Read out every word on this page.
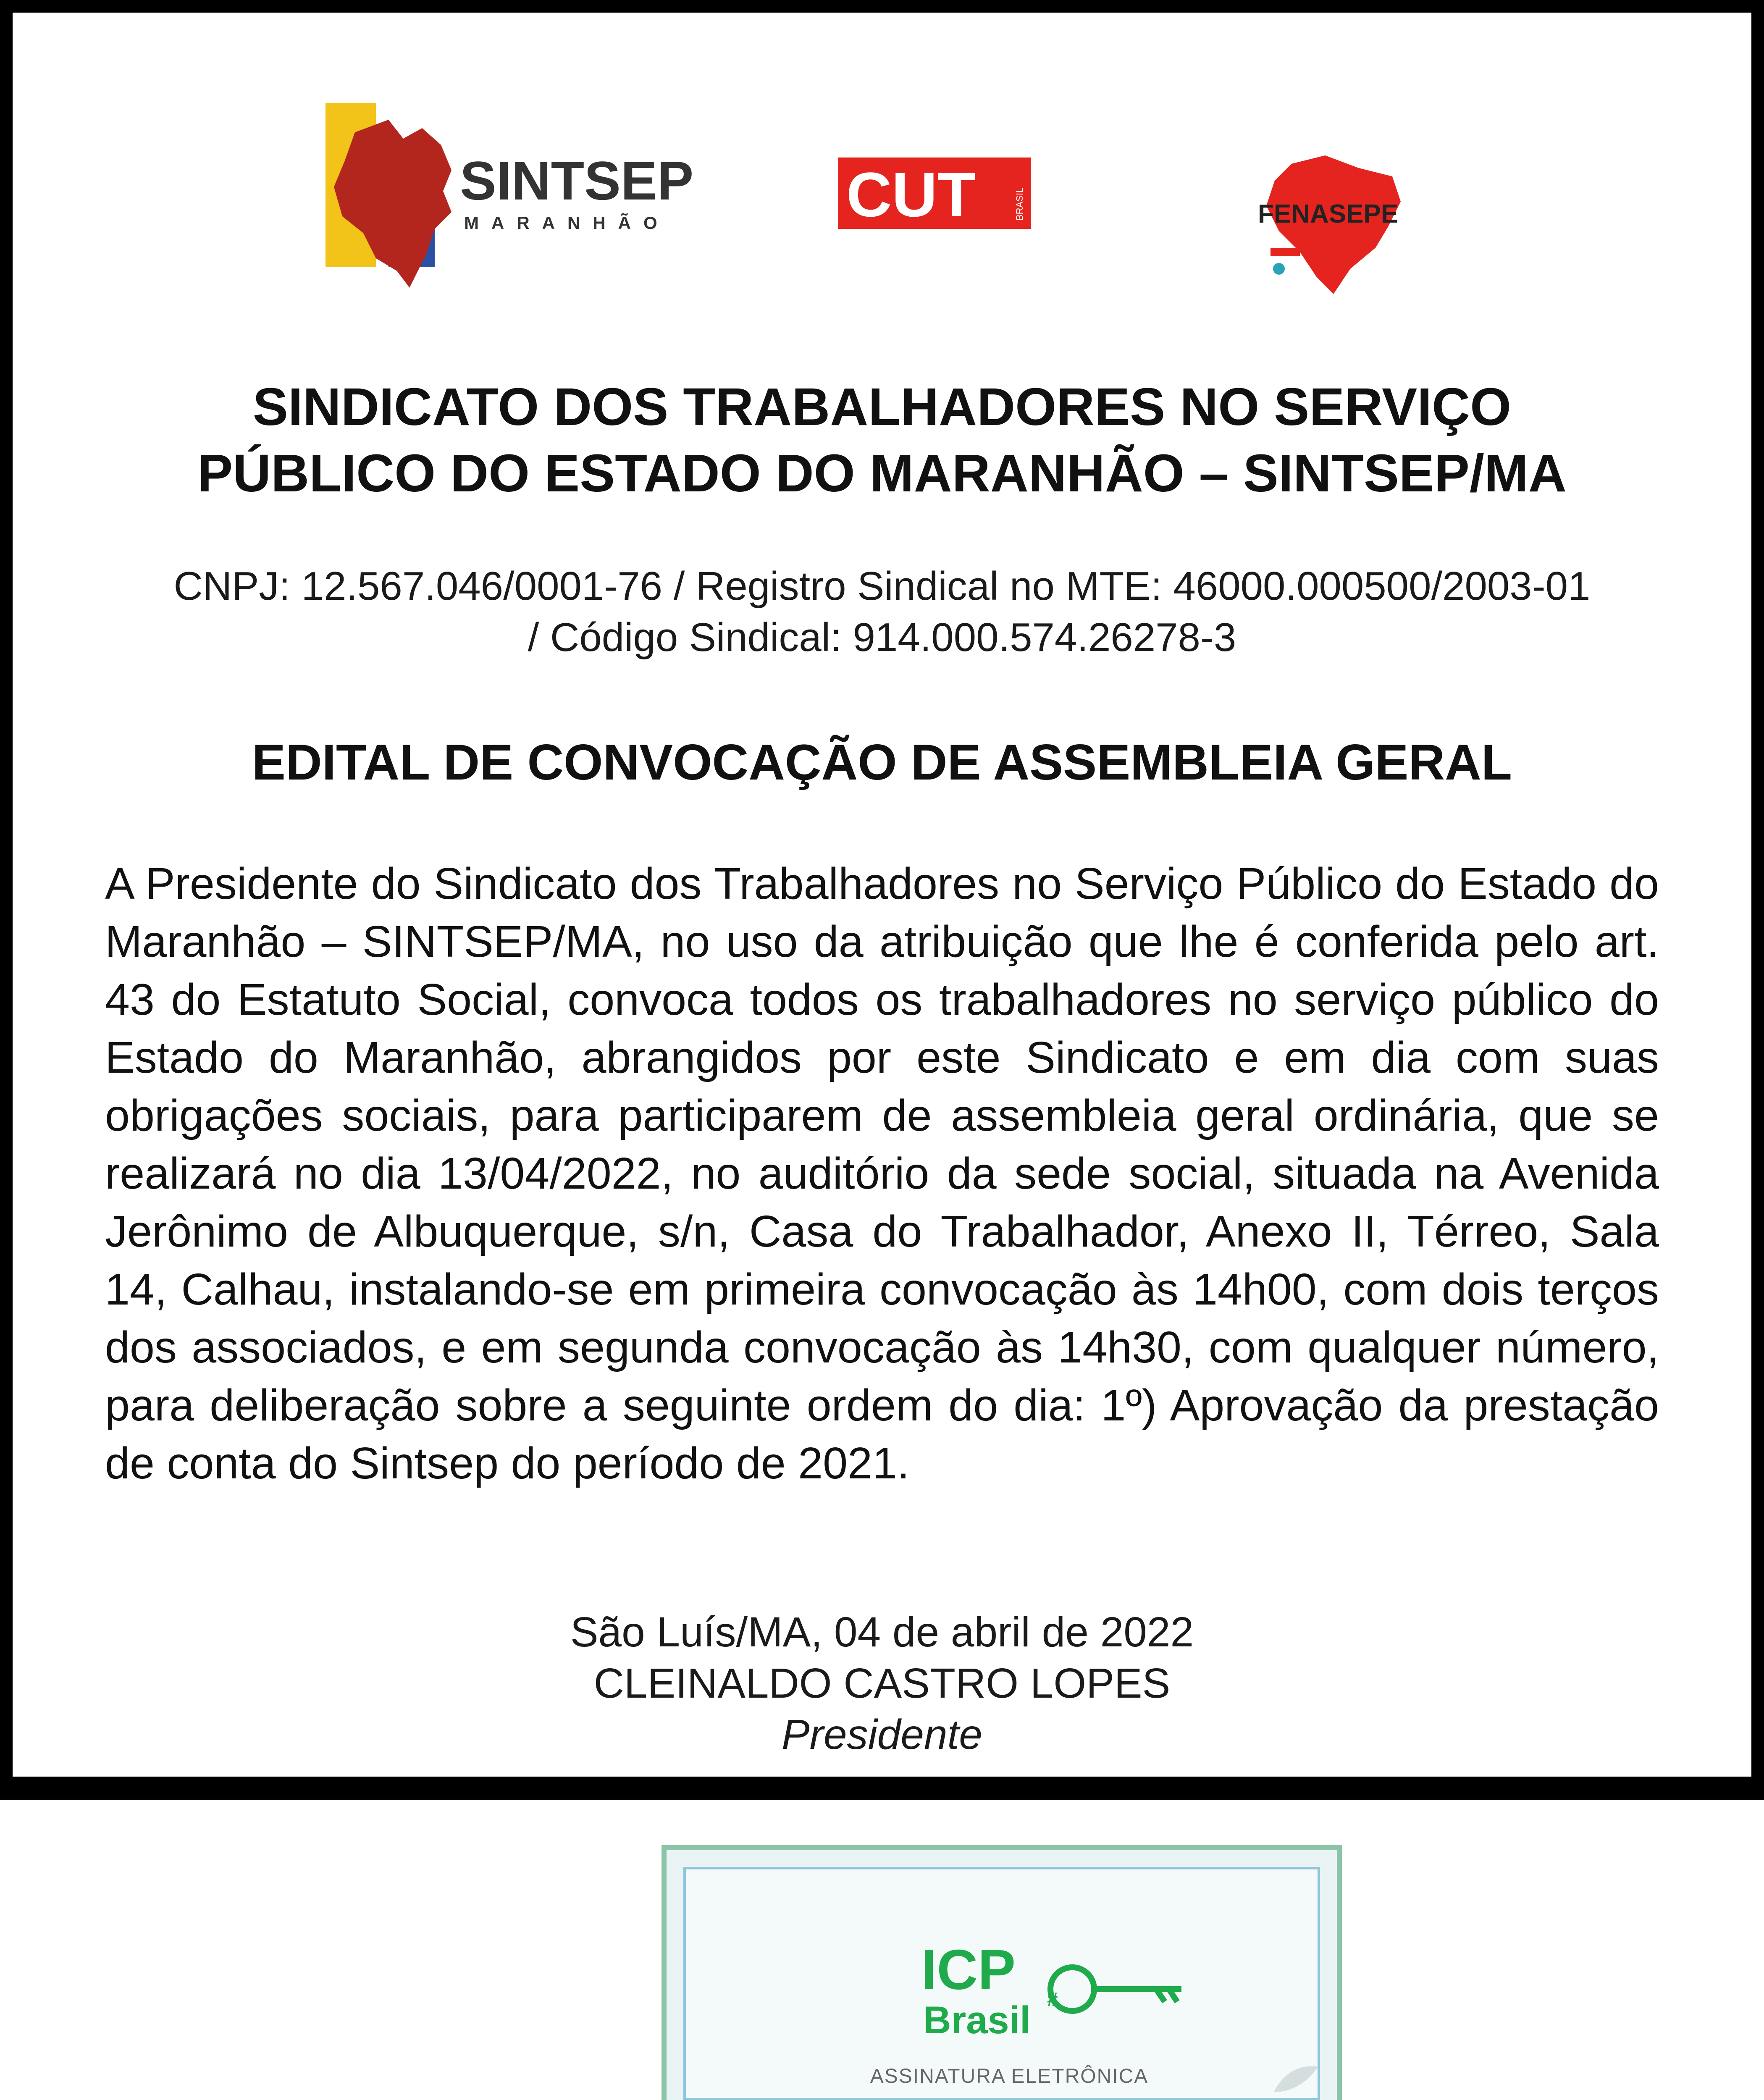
SINTSEP
MARANHÃO	CUT	BRASIL	FENASEPE
SINDICATO DOS TRABALHADORES NO SERVIÇO
PÚBLICO DO ESTADO DO MARANHÃO – SINTSEP/MA
CNPJ: 12.567.046/0001-76 / Registro Sindical no MTE: 46000.000500/2003-01
/ Código Sindical: 914.000.574.26278-3
EDITAL DE CONVOCAÇÃO DE ASSEMBLEIA GERAL
A Presidente do Sindicato dos Trabalhadores no Serviço Público do Estado do Maranhão – SINTSEP/MA, no uso da atribuição que lhe é conferida pelo art. 43 do Estatuto Social, convoca todos os trabalhadores no serviço público do Estado do Maranhão, abrangidos por este Sindicato e em dia com suas obrigações sociais, para participarem de assembleia geral ordinária, que se realizará no dia 13/04/2022, no auditório da sede social, situada na Avenida Jerônimo de Albuquerque, s/n, Casa do Trabalhador, Anexo II, Térreo, Sala 14, Calhau, instalando-se em primeira convocação às 14h00, com dois terços dos associados, e em segunda convocação às 14h30, com qualquer número, para deliberação sobre a seguinte ordem do dia: 1º) Aprovação da prestação de conta do Sintsep do período de 2021.
São Luís/MA, 04 de abril de 2022
CLEINALDO CASTRO LOPES
Presidente
ICP
Brasil #
ASSINATURA ELETRÔNICA
